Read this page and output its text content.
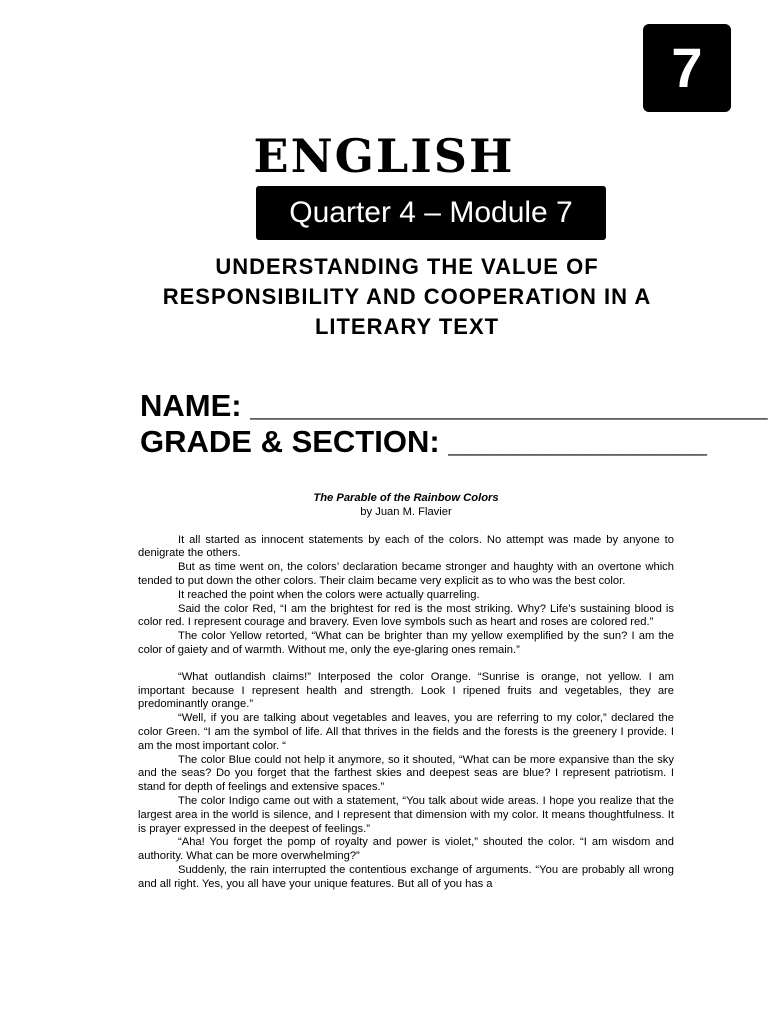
7
ENGLISH
Quarter 4 – Module 7
UNDERSTANDING THE VALUE OF
RESPONSIBILITY AND COOPERATION IN A
LITERARY TEXT
NAME: ______________________________
GRADE & SECTION: _______________
The Parable of the Rainbow Colors
by Juan M. Flavier

It all started as innocent statements by each of the colors. No attempt was made by anyone to denigrate the others.

But as time went on, the colors’ declaration became stronger and haughty with an overtone which tended to put down the other colors. Their claim became very explicit as to who was the best color.

It reached the point when the colors were actually quarreling.

Said the color Red, “I am the brightest for red is the most striking. Why? Life’s sustaining blood is color red. I represent courage and bravery. Even love symbols such as heart and roses are colored red.”

The color Yellow retorted, “What can be brighter than my yellow exemplified by the sun? I am the color of gaiety and of warmth. Without me, only the eye-glaring ones remain.”

“What outlandish claims!” Interposed the color Orange. “Sunrise is orange, not yellow. I am important because I represent health and strength. Look I ripened fruits and vegetables, they are predominantly orange.”

“Well, if you are talking about vegetables and leaves, you are referring to my color,” declared the color Green. “I am the symbol of life. All that thrives in the fields and the forests is the greenery I provide. I am the most important color. “

The color Blue could not help it anymore, so it shouted, “What can be more expansive than the sky and the seas? Do you forget that the farthest skies and deepest seas are blue? I represent patriotism. I stand for depth of feelings and extensive spaces.”

The color Indigo came out with a statement, “You talk about wide areas. I hope you realize that the largest area in the world is silence, and I represent that dimension with my color. It means thoughtfulness. It is prayer expressed in the deepest of feelings.”

“Aha! You forget the pomp of royalty and power is violet,” shouted the color. “I am wisdom and authority. What can be more overwhelming?”

Suddenly, the rain interrupted the contentious exchange of arguments. “You are probably all wrong and all right. Yes, you all have your unique features. But all of you has a
